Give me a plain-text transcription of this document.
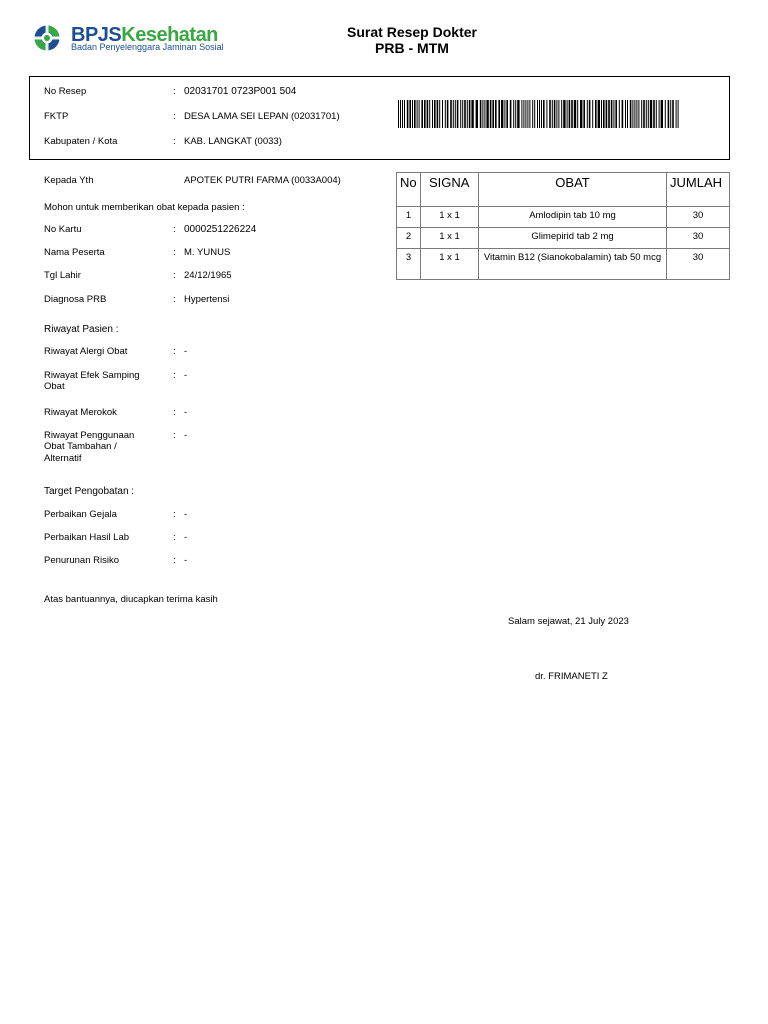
BPJSKesehatan
Badan Penyelenggara Jaminan Sosial
Surat Resep Dokter
PRB - MTM
No Resep	: 02031701 0723P001 504
FKTP	: DESA LAMA SEI LEPAN (02031701)
Kabupaten / Kota	: KAB. LANGKAT (0033)
Kepada Yth	APOTEK PUTRI FARMA (0033A004)
Mohon untuk memberikan obat kepada pasien :
No Kartu	: 0000251226224
Nama Peserta	: M. YUNUS
Tgl Lahir	: 24/12/1965
Diagnosa PRB	: Hypertensi
Riwayat Pasien :
Riwayat Alergi Obat	: -
Riwayat Efek Samping
Obat
: -
Riwayat Merokok	: -
Riwayat Penggunaan
Obat Tambahan /
Alternatif
: -
Target Pengobatan :
Perbaikan Gejala	: -
Perbaikan Hasil Lab	: -
Penurunan Risiko	: -
Atas bantuannya, diucapkan terima kasih
Salam sejawat, 21 July 2023
dr. FRIMANETI Z
No	SIGNA	OBAT	JUMLAH
1	1 x 1	Amlodipin tab 10 mg	30
2	1 x 1	Glimepirid tab 2 mg	30
3	1 x 1	Vitamin B12 (Sianokobalamin) tab 50 mcg	30
